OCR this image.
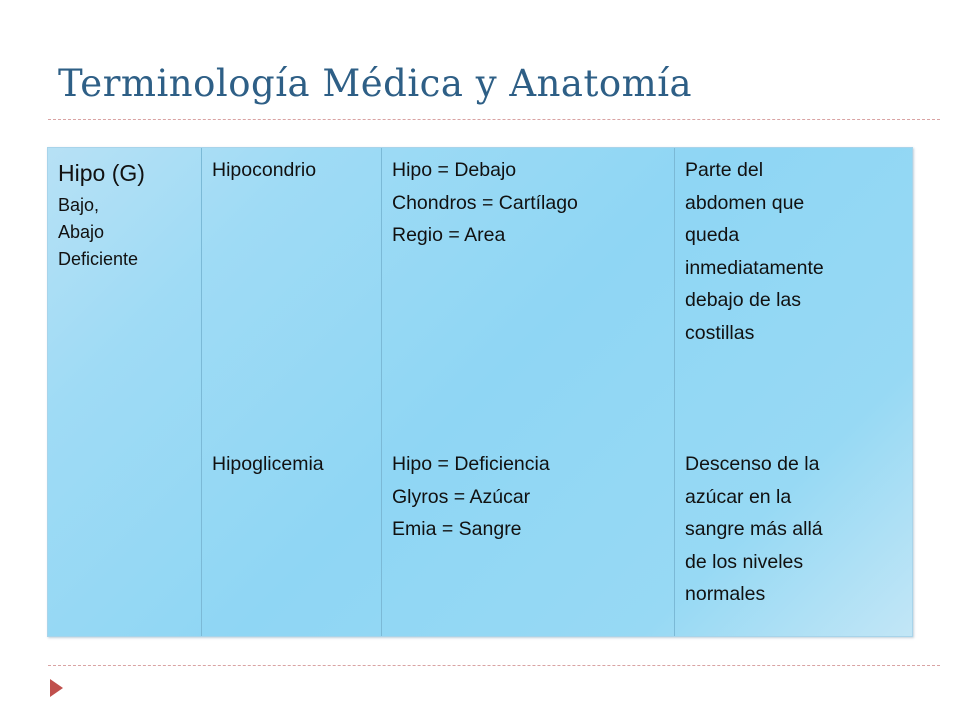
Terminología Médica y Anatomía
Hipo (G)
Bajo,
Abajo
Deficiente
Hipocondrio
Hipoglicemia
Hipo = Debajo
Chondros = Cartílago
Regio = Area
Hipo = Deficiencia
Glyros = Azúcar
Emia = Sangre
Parte del
abdomen que
queda
inmediatamente
debajo de las
costillas
Descenso de la
azúcar en la
sangre más allá
de los niveles
normales
